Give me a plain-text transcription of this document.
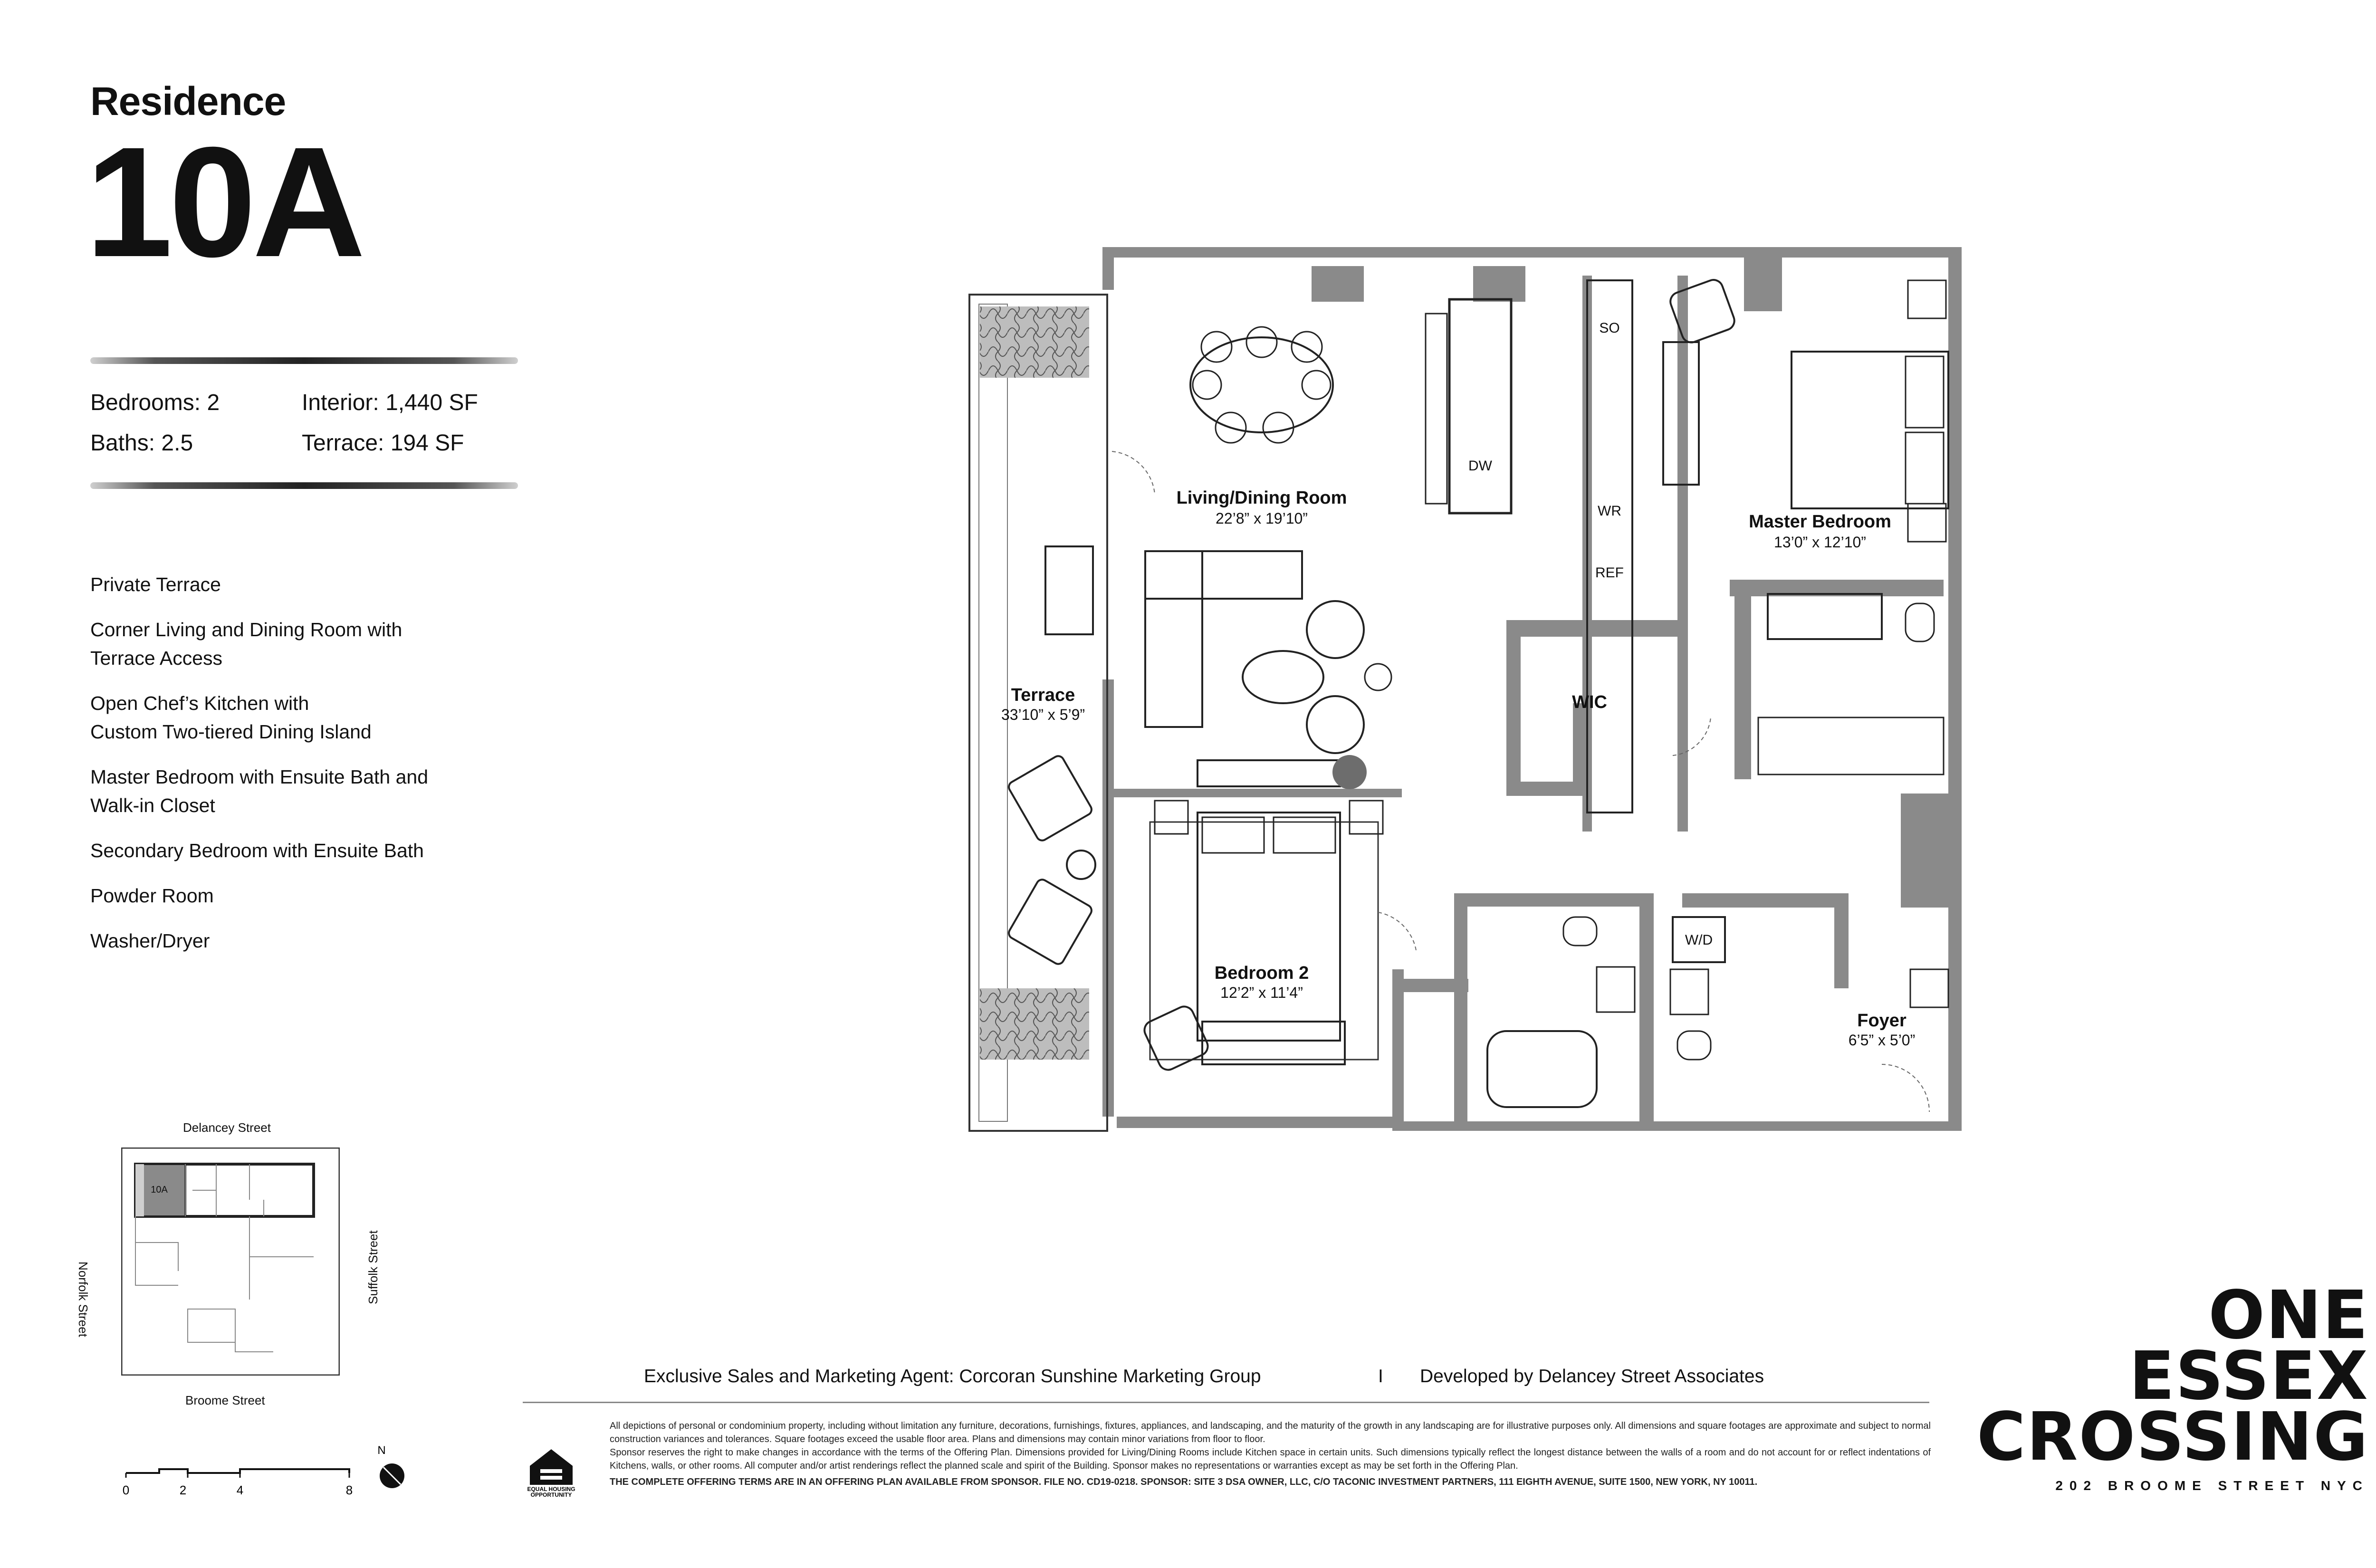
Residence
10A
Bedrooms: 2	Interior: 1,440 SF
Baths: 2.5	Terrace: 194 SF
Private Terrace
Corner Living and Dining Room with
Terrace Access
Open Chef’s Kitchen with
Custom Two-tiered Dining Island
Master Bedroom with Ensuite Bath and
Walk-in Closet
Secondary Bedroom with Ensuite Bath
Powder Room
Washer/Dryer
Delancey Street
Broome Street
Norfolk Street	Suffolk Street
10A
0	2	4	8
N
SO
DW
WR
REF
W/D
Living/Dining Room
22’8” x 19’10”	Master Bedroom
13’0” x 12’10”
Terrace
33’10” x 5’9”
Bedroom 2
12’2” x 11’4”
Foyer
6’5” x 5’0”
WIC
Exclusive Sales and Marketing Agent: Corcoran Sunshine Marketing Group	I Developed by Delancey Street Associates
EQUAL HOUSING
OPPORTUNITY
All depictions of personal or condominium property, including without limitation any furniture, decorations, furnishings, fixtures, appliances, and landscaping, and the maturity of the growth in any landscaping are for illustrative purposes only. All dimensions and square footages are approximate and subject to normal construction variances and tolerances. Square footages exceed the usable floor area. Plans and dimensions may contain minor variations from floor to floor.
Sponsor reserves the right to make changes in accordance with the terms of the Offering Plan. Dimensions provided for Living/Dining Rooms include Kitchen space in certain units. Such dimensions typically reflect the longest distance between the walls of a room and do not account for or reflect indentations of Kitchens, walls, or other rooms. All computer and/or artist renderings reflect the planned scale and spirit of the Building. Sponsor makes no representations or warranties except as may be set forth in the Offering Plan.
THE COMPLETE OFFERING TERMS ARE IN AN OFFERING PLAN AVAILABLE FROM SPONSOR. FILE NO. CD19-0218. SPONSOR: SITE 3 DSA OWNER, LLC, C/O TACONIC INVESTMENT PARTNERS, 111 EIGHTH AVENUE, SUITE 1500, NEW YORK, NY 10011.
ONE
ESSEX
CROSSING
202 BROOME STREET NYC
